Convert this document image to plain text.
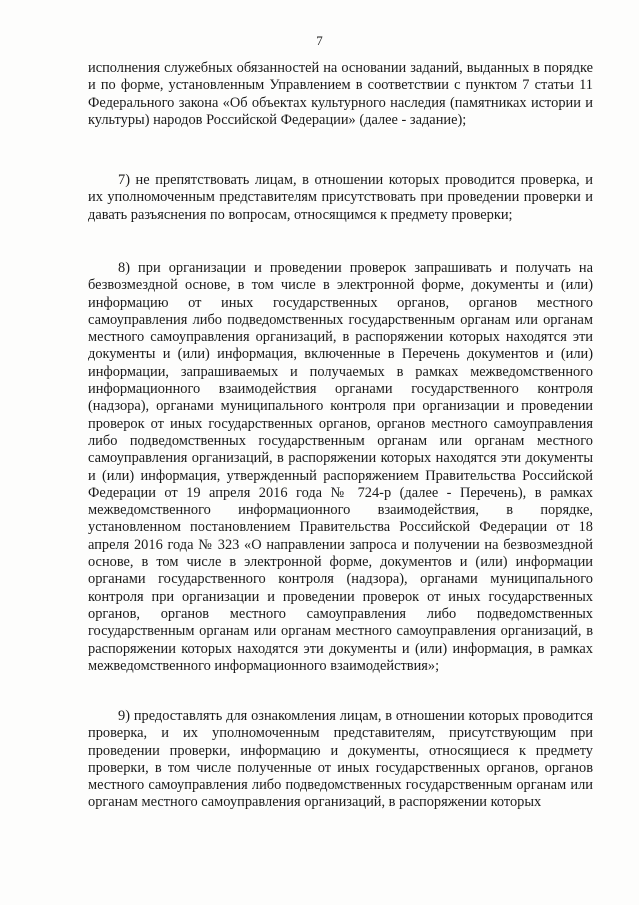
7

исполнения служебных обязанностей на основании заданий, выданных в порядке и по форме, установленным Управлением в соответствии с пунктом 7 статьи 11 Федерального закона «Об объектах культурного наследия (памятниках истории и культуры) народов Российской Федерации» (далее - задание);

7) не препятствовать лицам, в отношении которых проводится проверка, и их уполномоченным представителям присутствовать при проведении проверки и давать разъяснения по вопросам, относящимся к предмету проверки;

8) при организации и проведении проверок запрашивать и получать на безвозмездной основе, в том числе в электронной форме, документы и (или) информацию от иных государственных органов, органов местного самоуправления либо подведомственных государственным органам или органам местного самоуправления организаций, в распоряжении которых находятся эти документы и (или) информация, включенные в Перечень документов и (или) информации, запрашиваемых и получаемых в рамках межведомственного информационного взаимодействия органами государственного контроля (надзора), органами муниципального контроля при организации и проведении проверок от иных государственных органов, органов местного самоуправления либо подведомственных государственным органам или органам местного самоуправления организаций, в распоряжении которых находятся эти документы и (или) информация, утвержденный распоряжением Правительства Российской Федерации от 19 апреля 2016 года № 724-р (далее - Перечень), в рамках межведомственного информационного взаимодействия, в порядке, установленном постановлением Правительства Российской Федерации от 18 апреля 2016 года № 323 «О направлении запроса и получении на безвозмездной основе, в том числе в электронной форме, документов и (или) информации органами государственного контроля (надзора), органами муниципального контроля при организации и проведении проверок от иных государственных органов, органов местного самоуправления либо подведомственных государственным органам или органам местного самоуправления организаций, в распоряжении которых находятся эти документы и (или) информация, в рамках межведомственного информационного взаимодействия»;

9) предоставлять для ознакомления лицам, в отношении которых проводится проверка, и их уполномоченным представителям, присутствующим при проведении проверки, информацию и документы, относящиеся к предмету проверки, в том числе полученные от иных государственных органов, органов местного самоуправления либо подведомственных государственным органам или органам местного самоуправления организаций, в распоряжении которых
